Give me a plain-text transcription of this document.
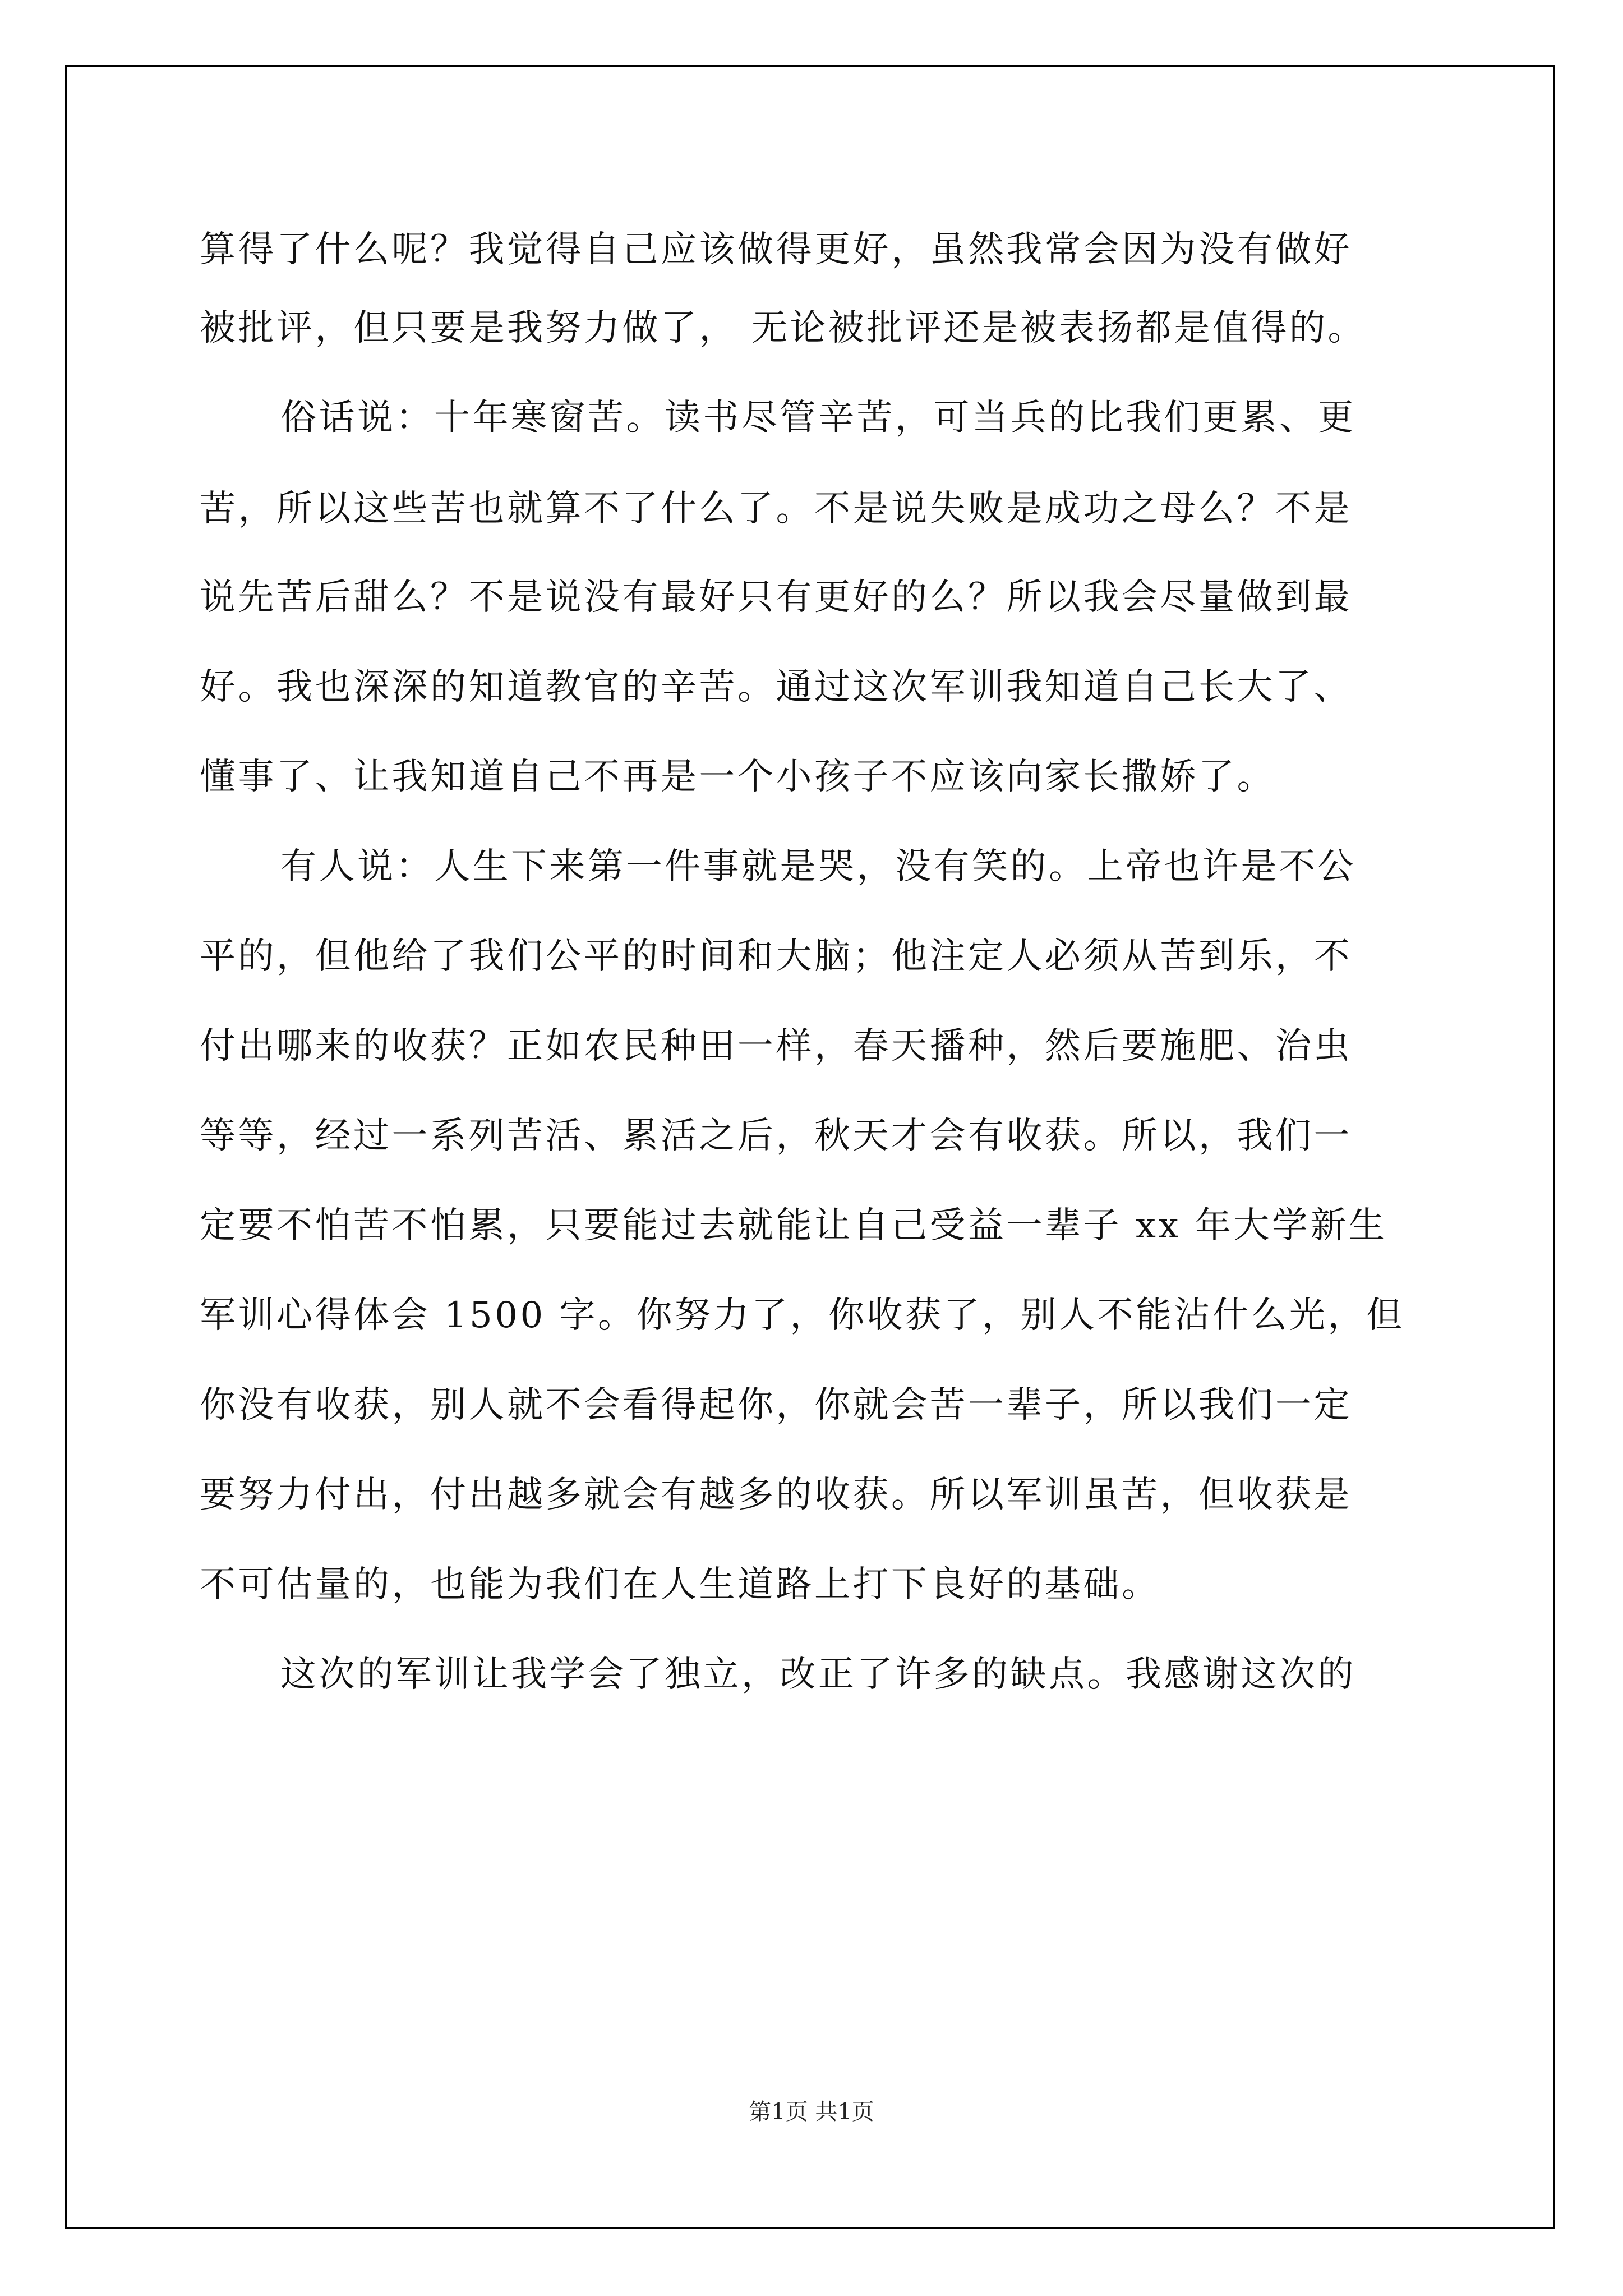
算得了什么呢？我觉得自己应该做得更好，虽然我常会因为没有做好
被批评，但只要是我努力做了， 无论被批评还是被表扬都是值得的。
俗话说：十年寒窗苦。读书尽管辛苦，可当兵的比我们更累、更
苦，所以这些苦也就算不了什么了。不是说失败是成功之母么？不是
说先苦后甜么？不是说没有最好只有更好的么？所以我会尽量做到最
好。我也深深的知道教官的辛苦。通过这次军训我知道自己长大了、
懂事了、让我知道自己不再是一个小孩子不应该向家长撒娇了。
有人说：人生下来第一件事就是哭，没有笑的。上帝也许是不公
平的，但他给了我们公平的时间和大脑；他注定人必须从苦到乐，不
付出哪来的收获？正如农民种田一样，春天播种，然后要施肥、治虫
等等，经过一系列苦活、累活之后，秋天才会有收获。所以，我们一
定要不怕苦不怕累，只要能过去就能让自己受益一辈子 xx 年大学新生
军训心得体会 1500 字。你努力了，你收获了，别人不能沾什么光，但
你没有收获，别人就不会看得起你，你就会苦一辈子，所以我们一定
要努力付出，付出越多就会有越多的收获。所以军训虽苦，但收获是
不可估量的，也能为我们在人生道路上打下良好的基础。
这次的军训让我学会了独立，改正了许多的缺点。我感谢这次的
第1页 共1页
